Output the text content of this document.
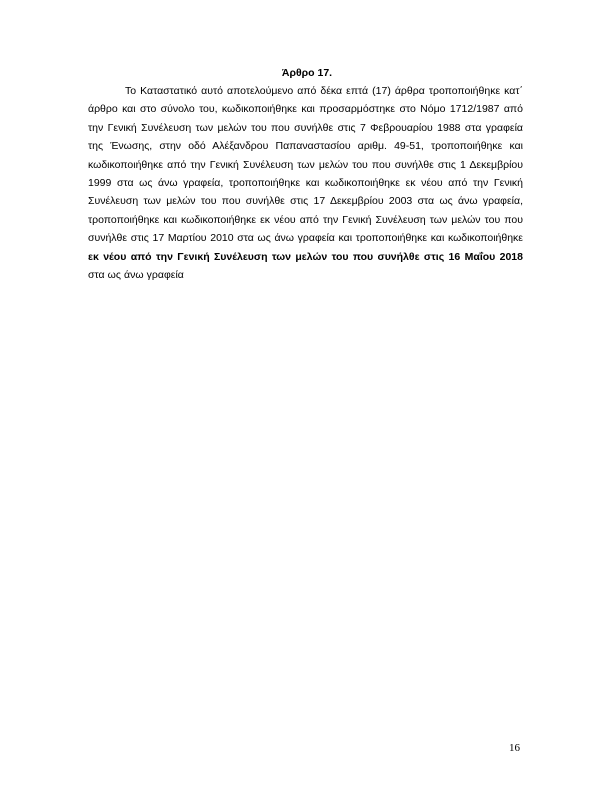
Άρθρο 17.

Το Καταστατικό αυτό αποτελούμενο από δέκα επτά (17) άρθρα τροποποιήθηκε κατ΄ άρθρο και στο σύνολο του, κωδικοποιήθηκε και προσαρμόστηκε στο Νόμο 1712/1987 από την Γενική Συνέλευση των μελών του που συνήλθε στις 7 Φεβρουαρίου 1988 στα γραφεία της Ένωσης, στην οδό Αλέξανδρου Παπαναστασίου αριθμ. 49-51, τροποποιήθηκε και κωδικοποιήθηκε από την Γενική Συνέλευση των μελών του που συνήλθε στις 1 Δεκεμβρίου 1999 στα ως άνω γραφεία, τροποποιήθηκε και κωδικοποιήθηκε εκ νέου από την Γενική Συνέλευση των μελών του που συνήλθε στις 17 Δεκεμβρίου 2003 στα ως άνω γραφεία, τροποποιήθηκε και κωδικοποιήθηκε εκ νέου από την Γενική Συνέλευση των μελών του που συνήλθε στις 17 Μαρτίου 2010 στα ως άνω γραφεία και τροποποιήθηκε και κωδικοποιήθηκε εκ νέου από την Γενική Συνέλευση των μελών του που συνήλθε στις 16 Μαΐου 2018 στα ως άνω γραφεία

16
